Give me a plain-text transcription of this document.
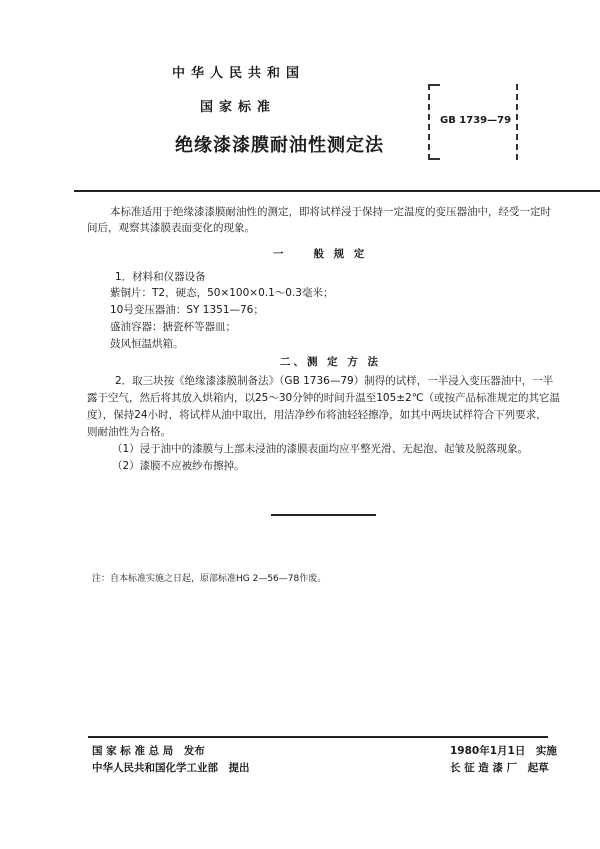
中华人民共和国
国家标准
绝缘漆漆膜耐油性测定法
GB 1739—79
本标准适用于绝缘漆漆膜耐油性的测定，即将试样浸于保持一定温度的变压器油中，经受一定时
间后，观察其漆膜表面变化的现象。
一　　般 规 定
1．材料和仪器设备
紫铜片：T2，硬态，50×100×0.1～0.3毫米；
10号变压器油：SY 1351—76；
盛油容器：搪瓷杯等器皿；
鼓风恒温烘箱。
二、测 定 方 法
2．取三块按《绝缘漆漆膜制备法》（GB 1736—79）制得的试样，一半浸入变压器油中，一半
露于空气，然后将其放入烘箱内，以25～30分钟的时间升温至105±2℃（或按产品标准规定的其它温
度），保持24小时，将试样从油中取出，用洁净纱布将油轻轻擦净，如其中两块试样符合下列要求，
则耐油性为合格。
（1）浸于油中的漆膜与上部未浸油的漆膜表面均应平整光滑、无起泡、起皱及脱落现象。
（2）漆膜不应被纱布擦掉。
注：自本标准实施之日起，原部标准HG 2—56—78作废。
国 家 标 准 总 局　发布
中华人民共和国化学工业部　提出
1980年1月1日　实施
长 征 造 漆 厂　起草
